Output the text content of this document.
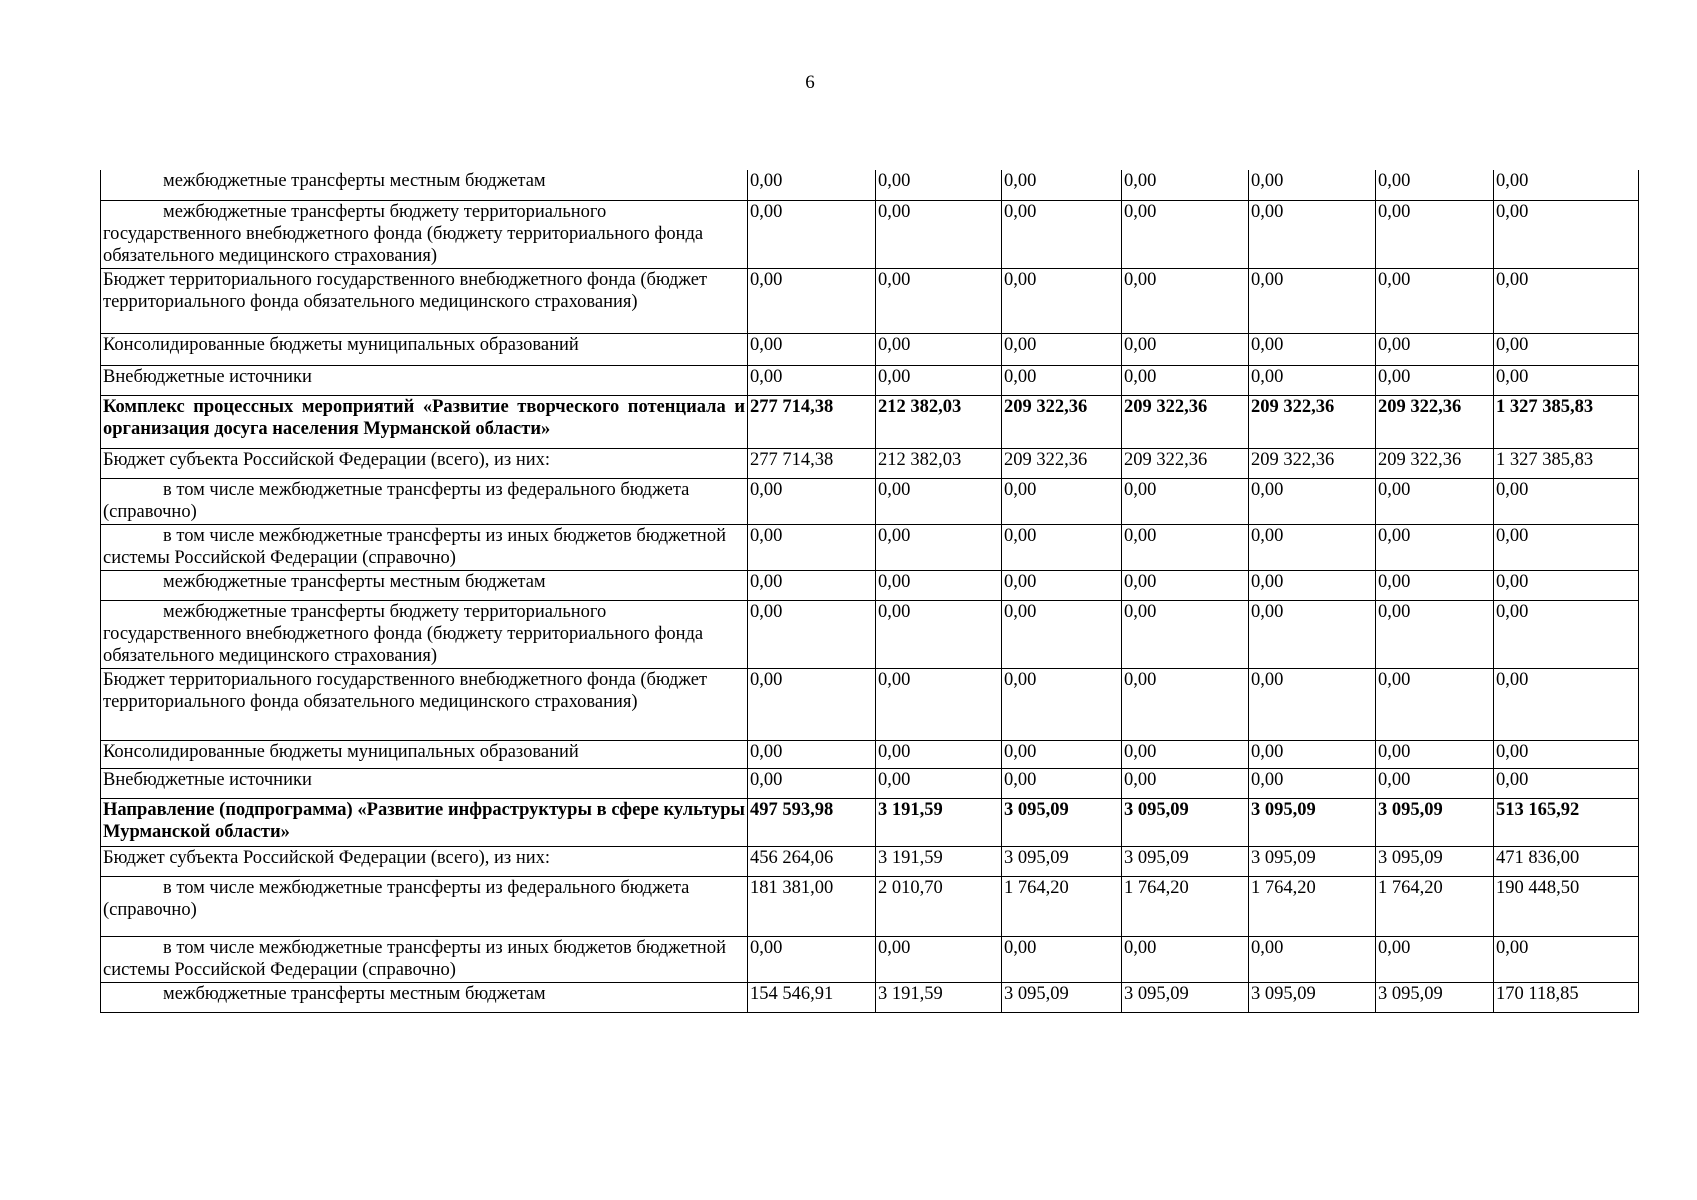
6
межбюджетные трансферты местным бюджетам	0,00	0,00	0,00	0,00	0,00	0,00	0,00
межбюджетные трансферты бюджету территориального государственного внебюджетного фонда (бюджету территориального фонда обязательного медицинского страхования)	0,00	0,00	0,00	0,00	0,00	0,00	0,00
Бюджет территориального государственного внебюджетного фонда (бюджет территориального фонда обязательного медицинского страхования)	0,00	0,00	0,00	0,00	0,00	0,00	0,00
Консолидированные бюджеты муниципальных образований	0,00	0,00	0,00	0,00	0,00	0,00	0,00
Внебюджетные источники	0,00	0,00	0,00	0,00	0,00	0,00	0,00
Комплекс процессных мероприятий «Развитие творческого потенциала и организация досуга населения Мурманской области»	277 714,38	212 382,03	209 322,36	209 322,36	209 322,36	209 322,36	1 327 385,83
Бюджет субъекта Российской Федерации (всего), из них:	277 714,38	212 382,03	209 322,36	209 322,36	209 322,36	209 322,36	1 327 385,83
в том числе межбюджетные трансферты из федерального бюджета (справочно)	0,00	0,00	0,00	0,00	0,00	0,00	0,00
в том числе межбюджетные трансферты из иных бюджетов бюджетной системы Российской Федерации (справочно)	0,00	0,00	0,00	0,00	0,00	0,00	0,00
межбюджетные трансферты местным бюджетам	0,00	0,00	0,00	0,00	0,00	0,00	0,00
межбюджетные трансферты бюджету территориального государственного внебюджетного фонда (бюджету территориального фонда обязательного медицинского страхования)	0,00	0,00	0,00	0,00	0,00	0,00	0,00
Бюджет территориального государственного внебюджетного фонда (бюджет территориального фонда обязательного медицинского страхования)	0,00	0,00	0,00	0,00	0,00	0,00	0,00
Консолидированные бюджеты муниципальных образований	0,00	0,00	0,00	0,00	0,00	0,00	0,00
Внебюджетные источники	0,00	0,00	0,00	0,00	0,00	0,00	0,00
Направление (подпрограмма) «Развитие инфраструктуры в сфере культуры Мурманской области»	497 593,98	3 191,59	3 095,09	3 095,09	3 095,09	3 095,09	513 165,92
Бюджет субъекта Российской Федерации (всего), из них:	456 264,06	3 191,59	3 095,09	3 095,09	3 095,09	3 095,09	471 836,00
в том числе межбюджетные трансферты из федерального бюджета (справочно)	181 381,00	2 010,70	1 764,20	1 764,20	1 764,20	1 764,20	190 448,50
в том числе межбюджетные трансферты из иных бюджетов бюджетной системы Российской Федерации (справочно)	0,00	0,00	0,00	0,00	0,00	0,00	0,00
межбюджетные трансферты местным бюджетам	154 546,91	3 191,59	3 095,09	3 095,09	3 095,09	3 095,09	170 118,85
